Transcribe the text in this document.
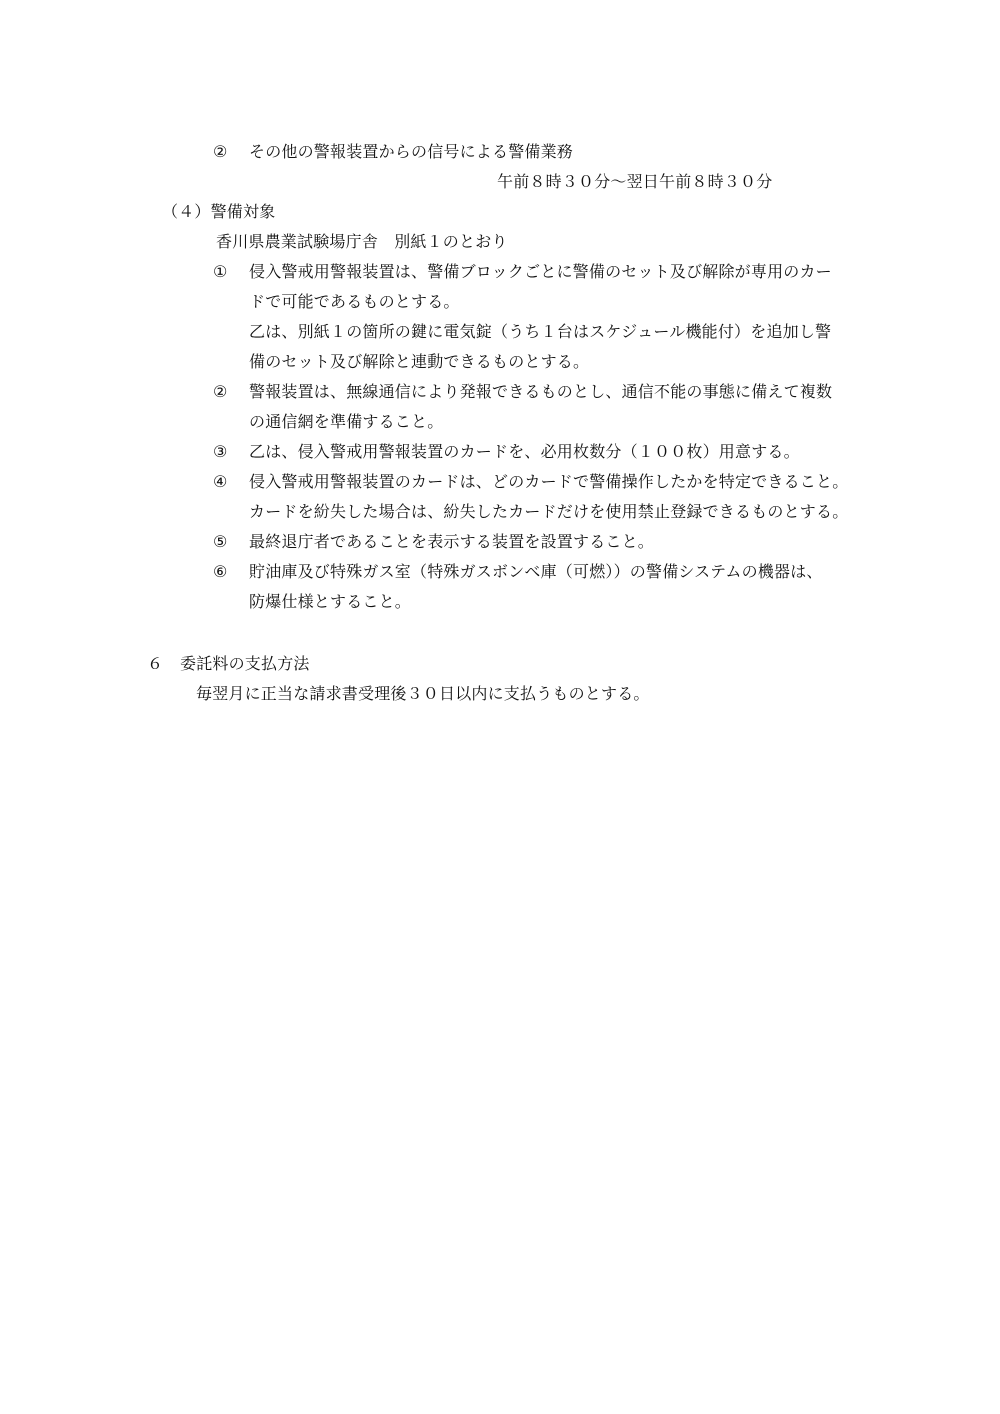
② その他の警報装置からの信号による警備業務
午前８時３０分～翌日午前８時３０分
（４）警備対象
香川県農業試験場庁舎　別紙１のとおり
① 侵入警戒用警報装置は、警備ブロックごとに警備のセット及び解除が専用のカー
ドで可能であるものとする。
乙は、別紙１の箇所の鍵に電気錠（うち１台はスケジュール機能付）を追加し警
備のセット及び解除と連動できるものとする。
② 警報装置は、無線通信により発報できるものとし、通信不能の事態に備えて複数
の通信網を準備すること。
③ 乙は、侵入警戒用警報装置のカードを、必用枚数分（１００枚）用意する。
④ 侵入警戒用警報装置のカードは、どのカードで警備操作したかを特定できること。
カードを紛失した場合は、紛失したカードだけを使用禁止登録できるものとする。
⑤ 最終退庁者であることを表示する装置を設置すること。
⑥ 貯油庫及び特殊ガス室（特殊ガスボンベ庫（可燃））の警備システムの機器は、
防爆仕様とすること。
６ 委託料の支払方法
毎翌月に正当な請求書受理後３０日以内に支払うものとする。
